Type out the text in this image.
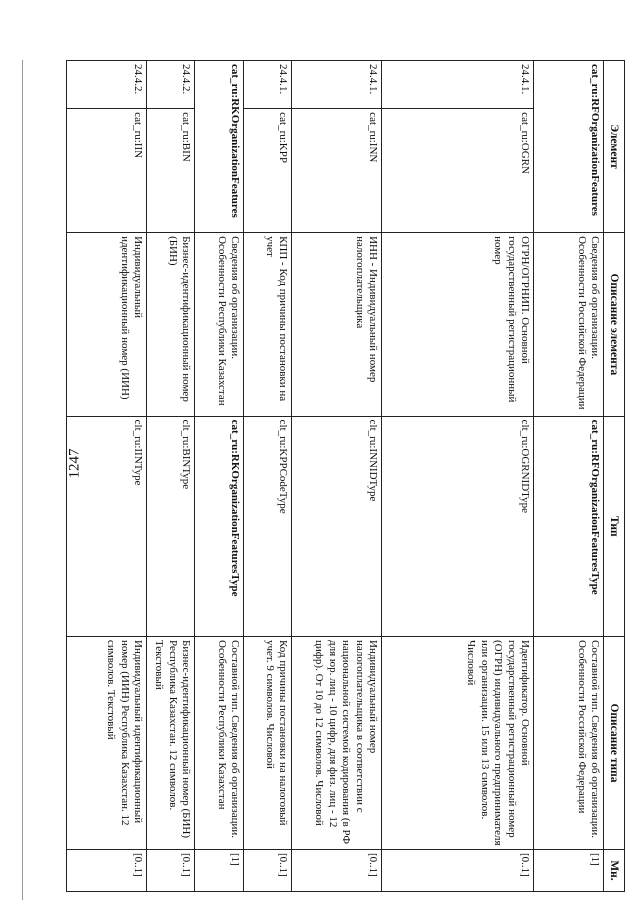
1247
Элемент		Описание элемента	Тип	Описание типа	Мн.
cat_ru:RFOrganizationFeatures		Сведения об организации. Особенности Российской Федерации	cat_ru:RFOrganizationFeaturesType	Составной тип. Сведения об организации. Особенности Российской Федерации	[1]
24.4.1.	cat_ru:OGRN	ОГРН/ОГРНИП. Основной государственный регистрационный номер	clt_ru:OGRNIDType	Идентификатор. Основной государственный регистрационный номер (ОГРН) индивидуального предпринимателя или организации. 15 или 13 символов. Числовой	[0..1]
24.4.1.	cat_ru:INN	ИНН - Индивидуальный номер налогоплательщика	clt_ru:INNIDType	Индивидуальный номер налогоплательщика в соответствии с национальной системой кодирования (в РФ для юр. лиц - 10 цифр, для физ. лиц - 12 цифр). От 10 до 12 символов. Числовой	[0..1]
24.4.1.	cat_ru:KPP	КПП - Код причины постановки на учет	clt_ru:KPPCodeType	Код причины постановки на налоговый учет. 9 символов. Числовой	[0..1]
cat_ru:RKOrganizationFeatures		Сведения об организации. Особенности Республики Казахстан	cat_ru:RKOrganizationFeaturesType	Составной тип. Сведения об организации. Особенности Республики Казахстан	[1]
24.4.2.	cat_ru:BIN	Бизнес-идентификационный номер (БИН)	clt_ru:BINType	Бизнес-идентификационный номер (БИН) Республика Казахстан. 12 символов. Текстовый	[0..1]
24.4.2.	cat_ru:IIN	Индивидуальный идентификационный номер (ИИН)	clt_ru:IINType	Индивидуальный идентификационный номер (ИИН) Республика Казахстан. 12 символов. Текстовый	[0..1]
